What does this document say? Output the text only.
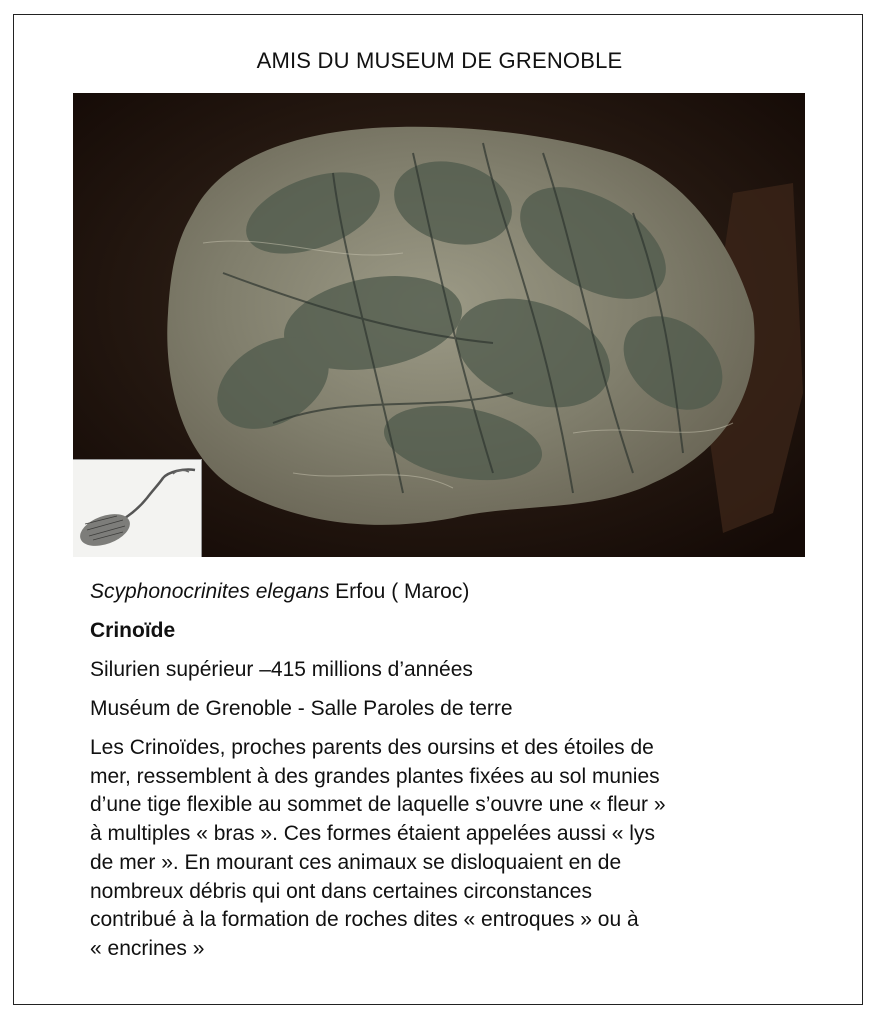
AMIS DU MUSEUM DE GRENOBLE
Scyphonocrinites elegans Erfou ( Maroc)
Crinoïde
Silurien supérieur –415 millions d’années
Muséum de Grenoble - Salle Paroles de terre
Les Crinoïdes, proches parents des oursins et des étoiles de
mer, ressemblent à des grandes plantes fixées au sol munies
d’une tige flexible au sommet de laquelle s’ouvre une « fleur »
à multiples « bras ». Ces formes étaient appelées aussi « lys
de mer ». En mourant ces animaux se disloquaient en de
nombreux débris qui ont dans certaines circonstances
contribué à la formation de roches dites « entroques » ou à
« encrines »
